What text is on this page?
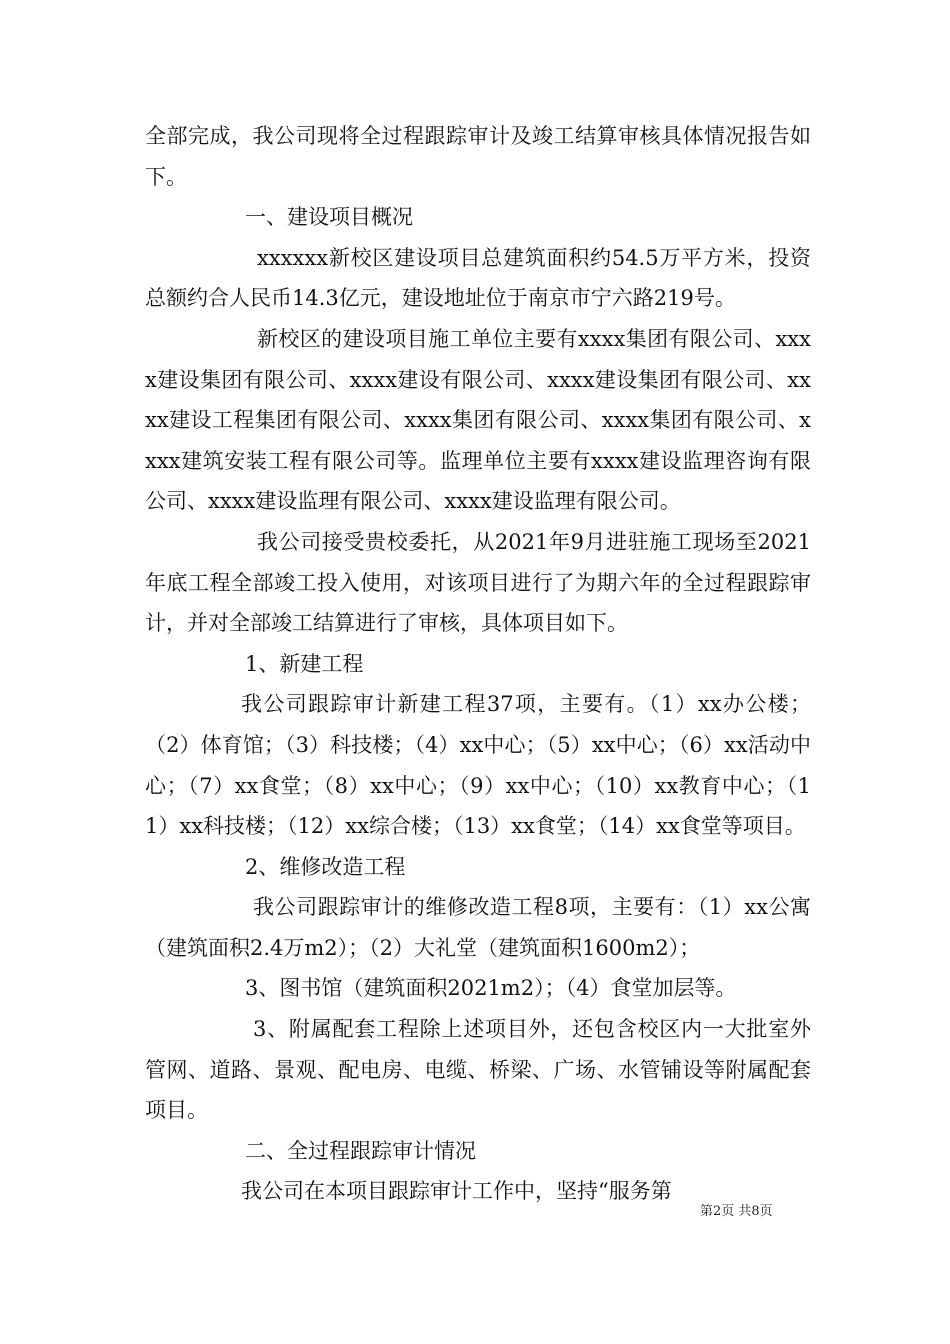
全部完成，我公司现将全过程跟踪审计及竣工结算审核具体情况报告如下。

一、建设项目概况

xxxxxx新校区建设项目总建筑面积约54.5万平方米，投资总额约合人民币14.3亿元，建设地址位于南京市宁六路219号。

新校区的建设项目施工单位主要有xxxx集团有限公司、xxxx建设集团有限公司、xxxx建设有限公司、xxxx建设集团有限公司、xxxx建设工程集团有限公司、xxxx集团有限公司、xxxx集团有限公司、xxxx建筑安装工程有限公司等。监理单位主要有xxxx建设监理咨询有限公司、xxxx建设监理有限公司、xxxx建设监理有限公司。

我公司接受贵校委托，从2021年9月进驻施工现场至2021年底工程全部竣工投入使用，对该项目进行了为期六年的全过程跟踪审计，并对全部竣工结算进行了审核，具体项目如下。

1、新建工程

我公司跟踪审计新建工程37项，主要有。（1）xx办公楼；（2）体育馆；（3）科技楼；（4）xx中心；（5）xx中心；（6）xx活动中心；（7）xx食堂；（8）xx中心；（9）xx中心；（10）xx教育中心；（11）xx科技楼；（12）xx综合楼；（13）xx食堂；（14）xx食堂等项目。

2、维修改造工程

我公司跟踪审计的维修改造工程8项，主要有：（1）xx公寓（建筑面积2.4万m2）；（2）大礼堂（建筑面积1600m2）；

3、图书馆（建筑面积2021m2）；（4）食堂加层等。

3、附属配套工程除上述项目外，还包含校区内一大批室外管网、道路、景观、配电房、电缆、桥梁、广场、水管铺设等附属配套项目。

二、全过程跟踪审计情况

我公司在本项目跟踪审计工作中，坚持“服务第

第2页 共8页
